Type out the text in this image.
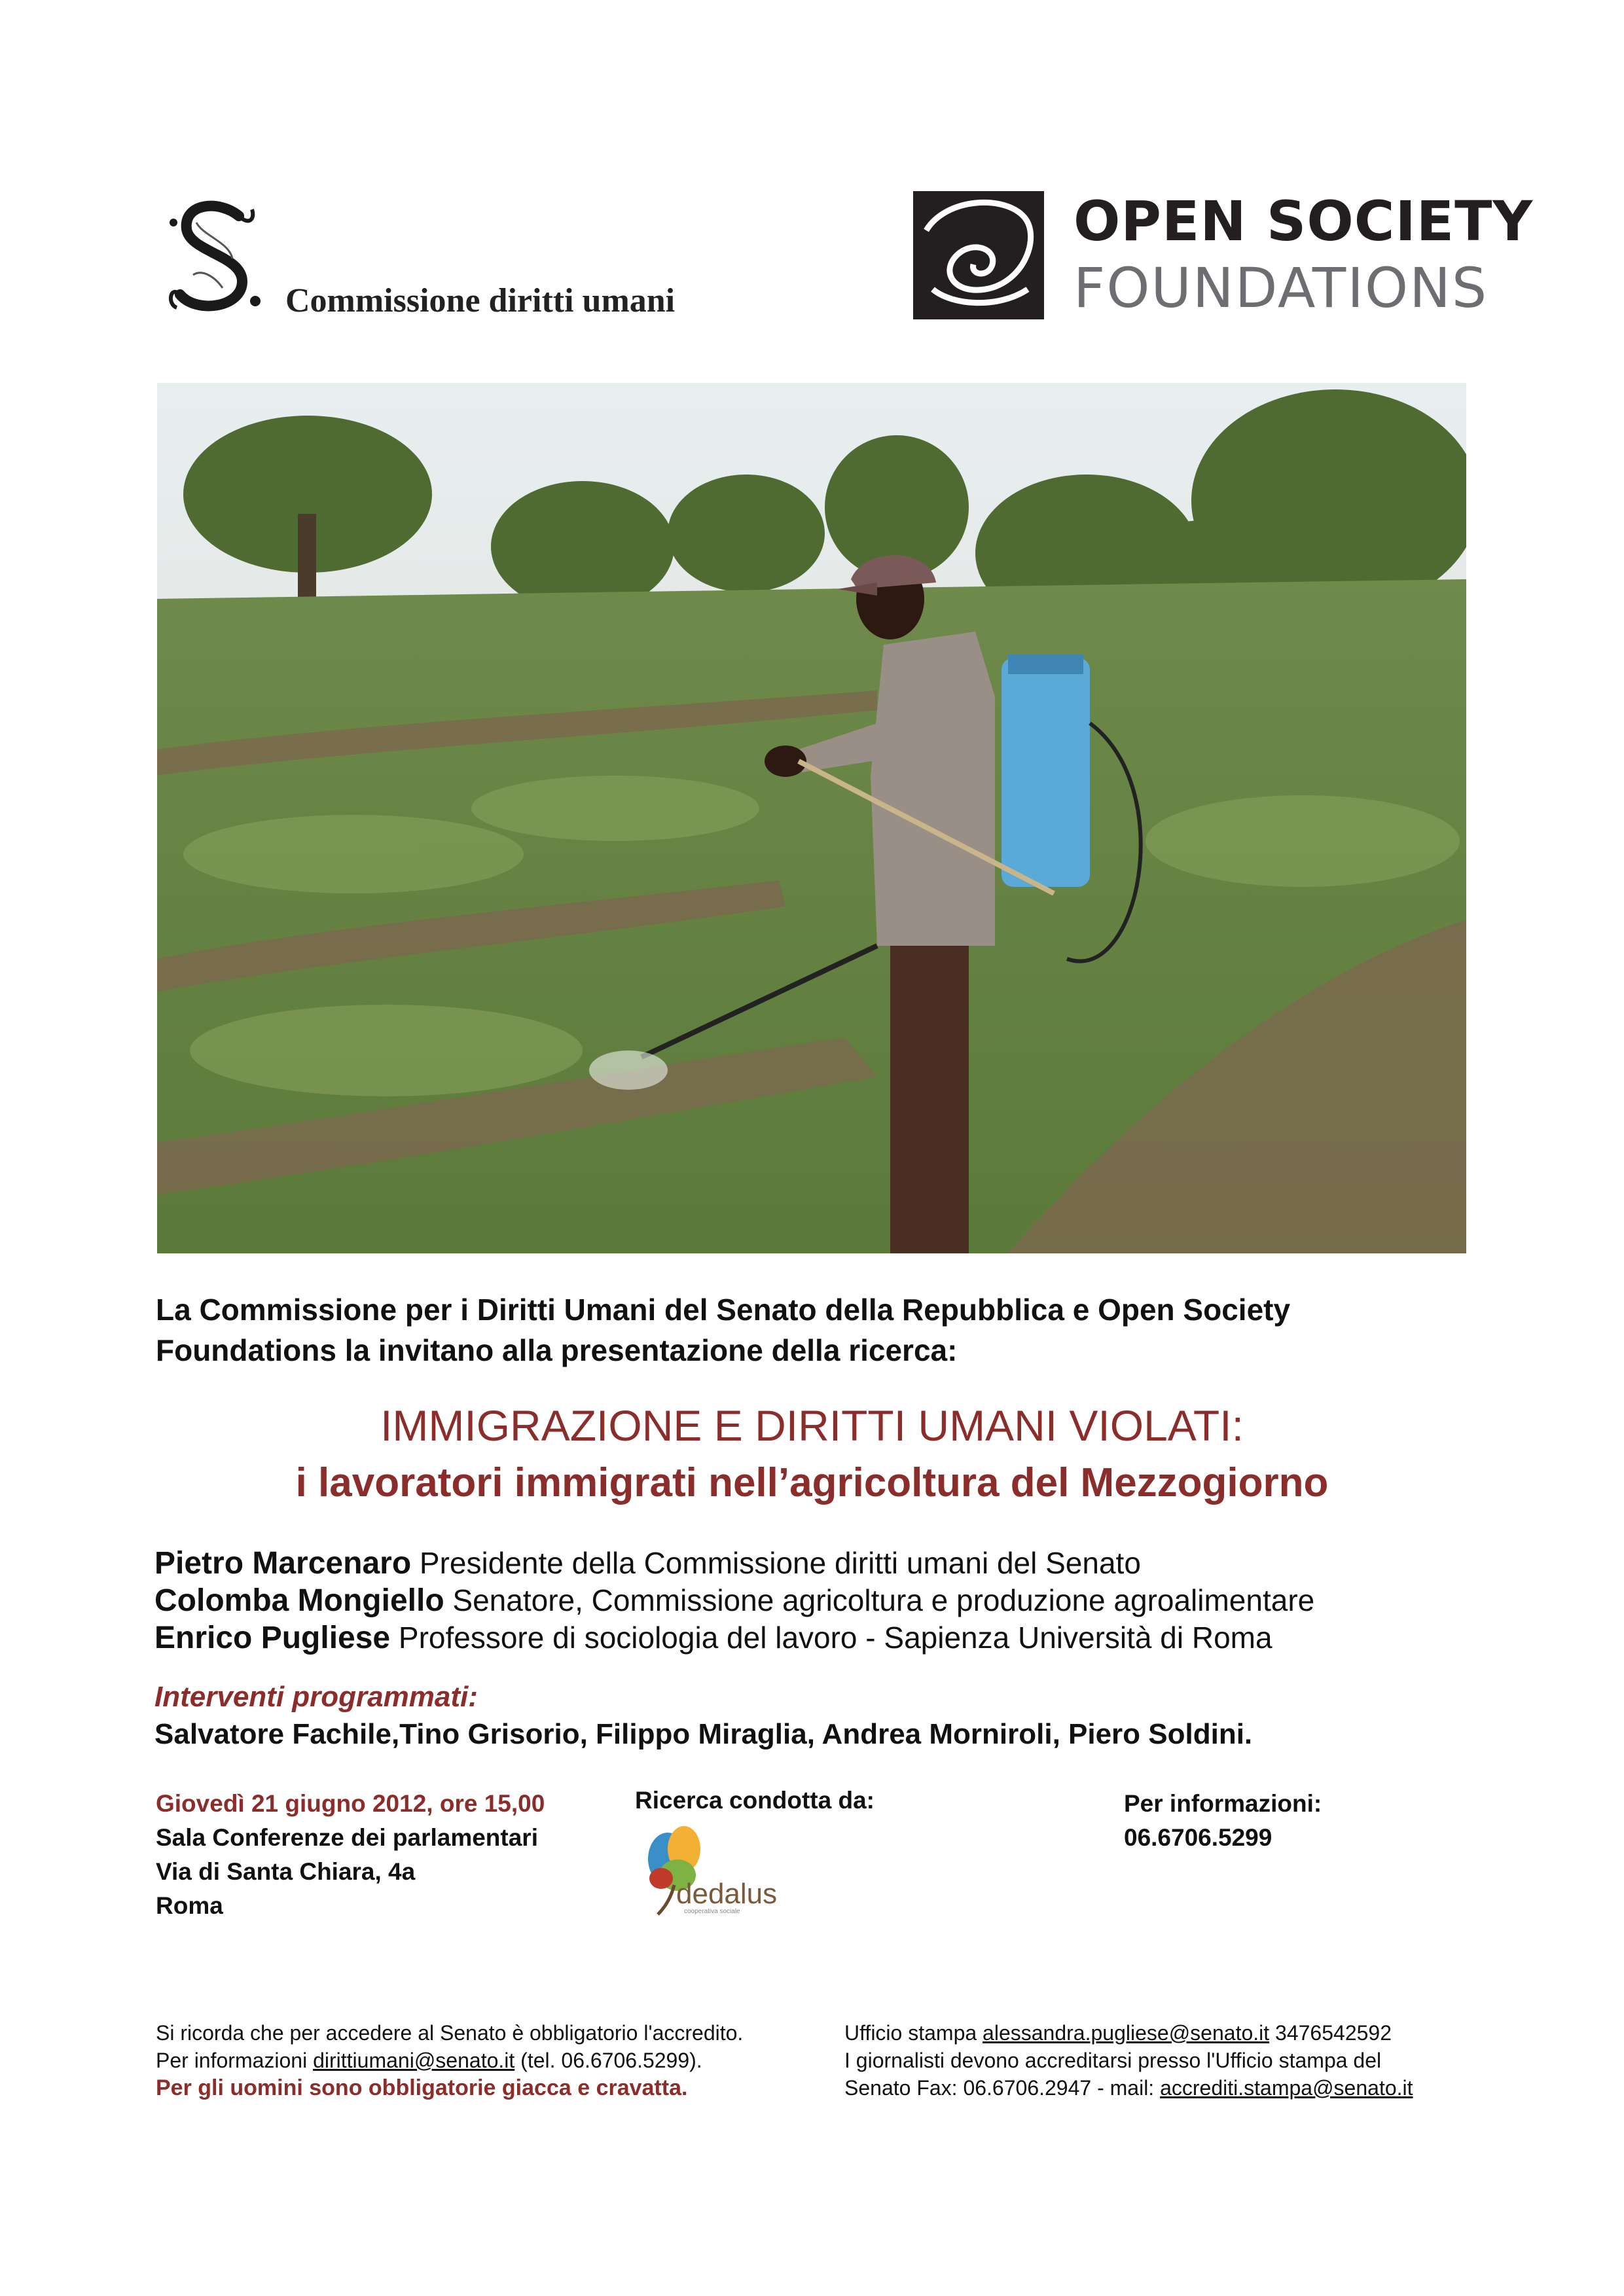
Commissione diritti umani
OPEN SOCIETY
FOUNDATIONS
La Commissione per i Diritti Umani del Senato della Repubblica e Open Society Foundations la invitano alla presentazione della ricerca:
IMMIGRAZIONE E DIRITTI UMANI VIOLATI:
i lavoratori immigrati nell’agricoltura del Mezzogiorno
Pietro Marcenaro Presidente della Commissione diritti umani del Senato
Colomba Mongiello Senatore, Commissione agricoltura e produzione agroalimentare
Enrico Pugliese Professore di sociologia del lavoro - Sapienza Università di Roma
Interventi programmati:
Salvatore Fachile,Tino Grisorio, Filippo Miraglia, Andrea Morniroli, Piero Soldini.
Giovedì 21 giugno 2012, ore 15,00
Sala Conferenze dei parlamentari
Via di Santa Chiara, 4a
Roma
Ricerca condotta da:
dedalus
cooperativa sociale
Per informazioni:
06.6706.5299
Si ricorda che per accedere al Senato è obbligatorio l'accredito.
Per informazioni dirittiumani@senato.it (tel. 06.6706.5299).
Per gli uomini sono obbligatorie giacca e cravatta.
Ufficio stampa alessandra.pugliese@senato.it 3476542592
I giornalisti devono accreditarsi presso l'Ufficio stampa del
Senato Fax: 06.6706.2947 - mail: accrediti.stampa@senato.it
